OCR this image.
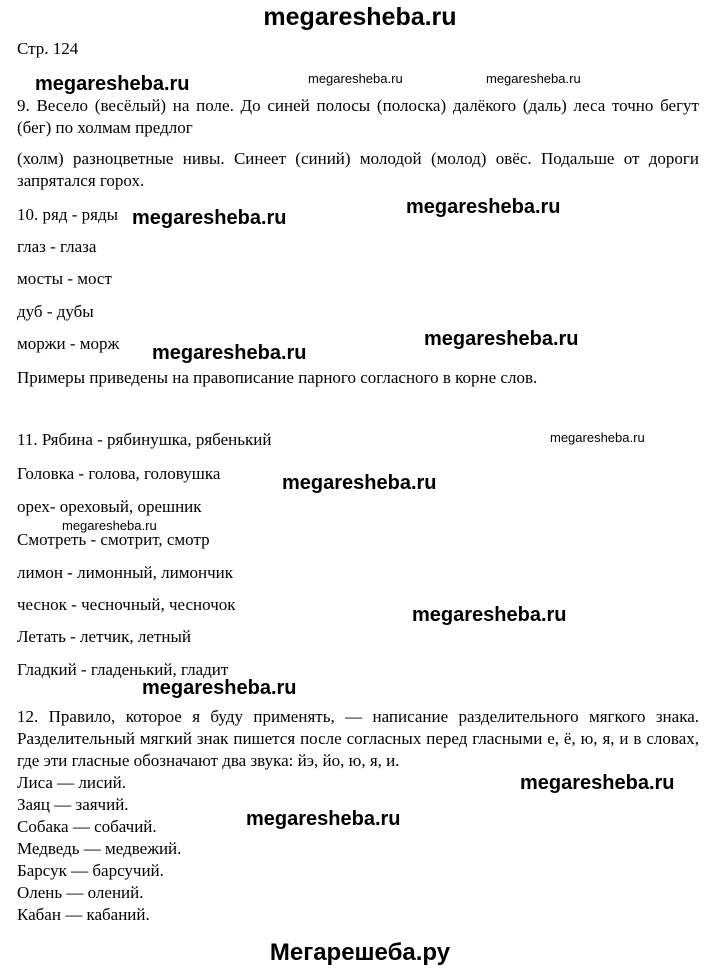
megaresheba.ru
Стр. 124
megaresheba.ru	megaresheba.ru	megaresheba.ru
megaresheba.ru	megaresheba.ru
megaresheba.ru
megaresheba.ru
megaresheba.ru
megaresheba.ru
megaresheba.ru
megaresheba.ru
megaresheba.ru
megaresheba.ru
megaresheba.ru
9. Весело (весёлый) на поле. До синей полосы (полоска) далёкого (даль) леса точно бегут (бег) по холмам предлог
(холм) разноцветные нивы. Синеет (синий) молодой (молод) овёс. Подальше от дороги запрятался горох.
10. ряд - ряды
глаз - глаза
мосты - мост
дуб - дубы
моржи - морж
Примеры приведены на правописание парного согласного в корне слов.
11. Рябина - рябинушка, рябенький
Головка - голова, головушка
орех- ореховый, орешник
Смотреть - смотрит, смотр
лимон - лимонный, лимончик
чеснок - чесночный, чесночок
Летать - летчик, летный
Гладкий - гладенький, гладит
12. Правило, которое я буду применять, — написание разделительного мягкого знака. Разделительный мягкий знак пишется после согласных перед гласными е, ё, ю, я, и в словах, где эти гласные обозначают два звука: йэ, йо, ю, я, и.
Лиса — лисий.
Заяц — заячий.
Собака — собачий.
Медведь — медвежий.
Барсук — барсучий.
Олень — олений.
Кабан — кабаний.
Мегарешеба.ру
